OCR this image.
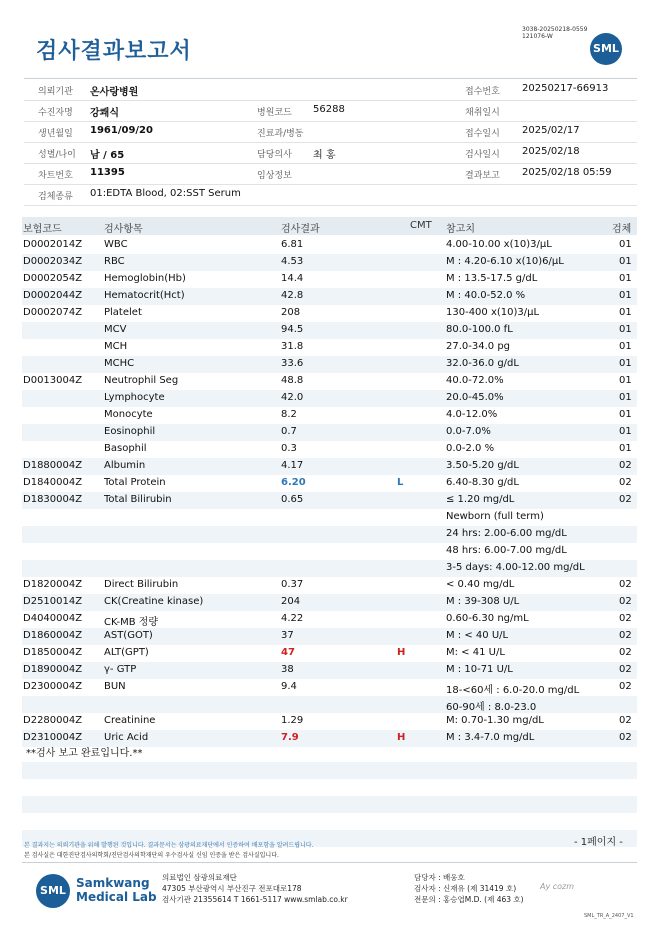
3038-20250218-0559
121076-W
검사결과보고서	SML
의뢰기관 온사랑병원	접수번호 20250217-66913
수진자명 강쾌식	병원코드 56288	채취일시
생년월일 1961/09/20	진료과/병동	접수일시 2025/02/17
성별/나이 남 / 65	담당의사 최 홍	검사일시 2025/02/18
차트번호 11395	임상정보	결과보고 2025/02/18 05:59
검체종류 01:EDTA Blood, 02:SST Serum
보험코드	검사항목	검사결과	CMT 참고치	검체
D0002014Z WBC	6.81	4.00-10.00 x(10)3/μL	01
D0002034Z RBC	4.53	M : 4.20-6.10 x(10)6/μL	01
D0002054Z Hemoglobin(Hb)	14.4	M : 13.5-17.5 g/dL	01
D0002044Z Hematocrit(Hct)	42.8	M : 40.0-52.0 %	01
D0002074Z Platelet	208	130-400 x(10)3/μL	01
MCV	94.5	80.0-100.0 fL	01
MCH	31.8	27.0-34.0 pg	01
MCHC	33.6	32.0-36.0 g/dL	01
D0013004Z Neutrophil Seg	48.8	40.0-72.0%	01
Lymphocyte	42.0	20.0-45.0%	01
Monocyte	8.2	4.0-12.0%	01
Eosinophil	0.7	0.0-7.0%	01
Basophil	0.3	0.0-2.0 %	01
D1880004Z Albumin	4.17	3.50-5.20 g/dL	02
D1840004Z Total Protein	6.20	L	6.40-8.30 g/dL	02
D1830004Z Total Bilirubin	0.65	≤ 1.20 mg/dL	02
Newborn (full term)
24 hrs: 2.00-6.00 mg/dL
48 hrs: 6.00-7.00 mg/dL
3-5 days: 4.00-12.00 mg/dL
D1820004Z Direct Bilirubin	0.37	< 0.40 mg/dL	02
D2510014Z CK(Creatine kinase)	204	M : 39-308 U/L	02
D4040004Z CK-MB 정량	4.22	0.60-6.30 ng/mL	02
D1860004Z AST(GOT)	37	M : < 40 U/L	02
D1850004Z ALT(GPT)	47	H	M: < 41 U/L	02
D1890004Z γ- GTP	38	M : 10-71 U/L	02
D2300004Z BUN	9.4	18-<60세 : 6.0-20.0 mg/dL	02
60-90세 : 8.0-23.0
D2280004Z Creatinine	1.29	M: 0.70-1.30 mg/dL	02
D2310004Z Uric Acid	7.9	H	M : 3.4-7.0 mg/dL	02
**검사 보고 완료입니다.**
- 1페이지 -
본 결과지는 의뢰기관을 위해 발행된 것입니다. 결과문서는 삼광의료재단에서 인증하여 배포함을 알려드립니다.
본 검사실은 대한진단검사의학회/진단검사의학재단의 우수검사실 신임 인증을 받은 검사실입니다.
SML
Samkwang
Medical Lab
의료법인 삼광의료재단
47305 부산광역시 부산진구 전포대로178
검사기관 21355614 T 1661-5117 www.smlab.co.kr
담당자 : 배웅호
검사자 : 신재유 (제 31419 호)
전문의 : 홍승엽M.D. (제 463 호)
Ay cozm
SML_TR_A_2407_V1
